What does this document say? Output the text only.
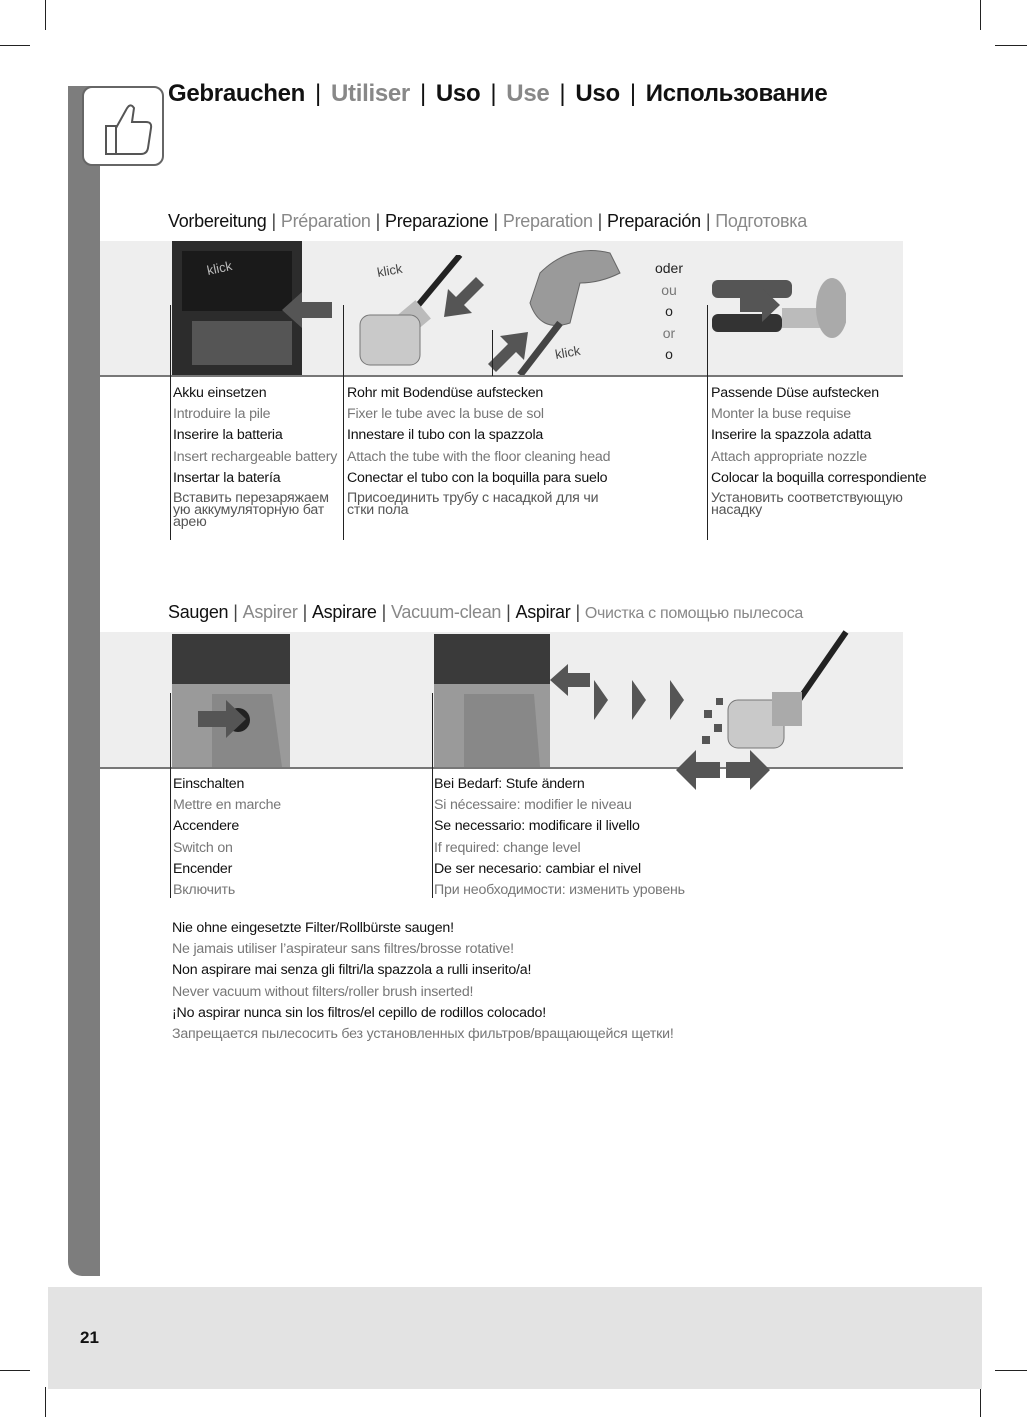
Gebrauchen | Utiliser | Uso | Use | Uso | Использование
Vorbereitung | Préparation | Preparazione | Preparation | Preparación | Подготовка
klick	klick
klick
oder
ou
o
or
o
Akku einsetzen
Introduire la pile
Inserire la batteria
Insert rechargeable battery
Insertar la batería
Вставить перезаряжаемую аккумуляторную батарею
Rohr mit Bodendüse aufstecken
Fixer le tube avec la buse de sol
Innestare il tubo con la spazzola
Attach the tube with the floor cleaning head
Conectar el tubo con la boquilla para suelo
Присоединить трубу с насадкой для чистки пола
Passende Düse aufstecken
Monter la buse requise
Inserire la spazzola adatta
Attach appropriate nozzle
Colocar la boquilla correspondiente
Установить соответствующую насадку
Saugen | Aspirer | Aspirare | Vacuum-clean | Aspirar | Очистка с помощью пылесоса
Einschalten
Mettre en marche
Accendere
Switch on
Encender
Включить
Bei Bedarf: Stufe ändern
Si nécessaire: modifier le niveau
Se necessario: modificare il livello
If required: change level
De ser necesario: cambiar el nivel
При необходимости: изменить уровень
Nie ohne eingesetzte Filter/Rollbürste saugen!
Ne jamais utiliser l’aspirateur sans filtres/brosse rotative!
Non aspirare mai senza gli filtri/la spazzola a rulli inserito/a!
Never vacuum without filters/roller brush inserted!
¡No aspirar nunca sin los filtros/el cepillo de rodillos colocado!
Запрещается пылесосить без установленных фильтров/вращающейся щетки!
21
